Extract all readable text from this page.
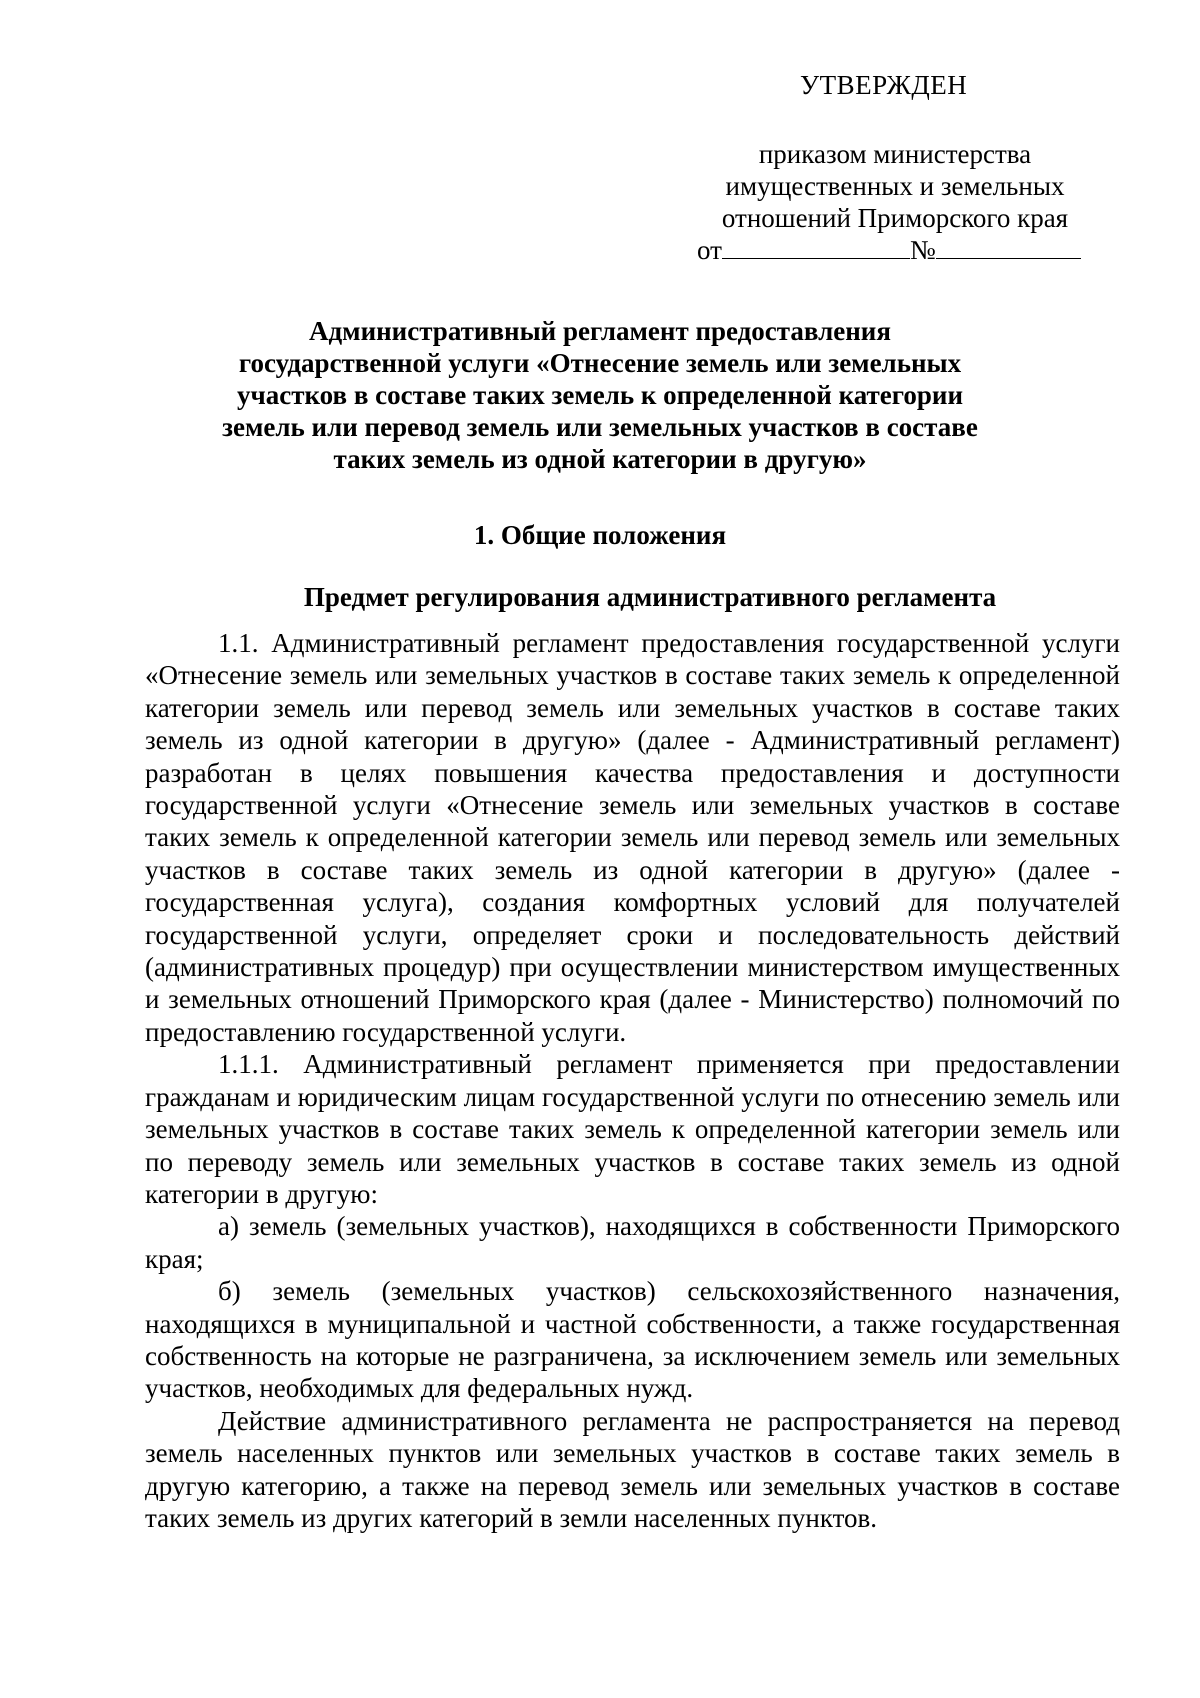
УТВЕРЖДЕН
приказом министерства
имущественных и земельных
отношений Приморского края
от	№
Административный регламент предоставления
государственной услуги «Отнесение земель или земельных
участков в составе таких земель к определенной категории
земель или перевод земель или земельных участков в составе
таких земель из одной категории в другую»
1. Общие положения
Предмет регулирования административного регламента

1.1. Административный регламент предоставления государственной услуги «Отнесение земель или земельных участков в составе таких земель к определенной категории земель или перевод земель или земельных участков в составе таких земель из одной категории в другую» (далее - Административный регламент) разработан в целях повышения качества предоставления и доступности государственной услуги «Отнесение земель или земельных участков в составе таких земель к определенной категории земель или перевод земель или земельных участков в составе таких земель из одной категории в другую» (далее - государственная услуга), создания комфортных условий для получателей государственной услуги, определяет сроки и последовательность действий (административных процедур) при осуществлении министерством имущественных и земельных отношений Приморского края (далее - Министерство) полномочий по предоставлению государственной услуги.

1.1.1. Административный регламент применяется при предоставлении гражданам и юридическим лицам государственной услуги по отнесению земель или земельных участков в составе таких земель к определенной категории земель или по переводу земель или земельных участков в составе таких земель из одной категории в другую:

а) земель (земельных участков), находящихся в собственности Приморского края;

б) земель (земельных участков) сельскохозяйственного назначения, находящихся в муниципальной и частной собственности, а также государственная собственность на которые не разграничена, за исключением земель или земельных участков, необходимых для федеральных нужд.

Действие административного регламента не распространяется на перевод земель населенных пунктов или земельных участков в составе таких земель в другую категорию, а также на перевод земель или земельных участков в составе таких земель из других категорий в земли населенных пунктов.
